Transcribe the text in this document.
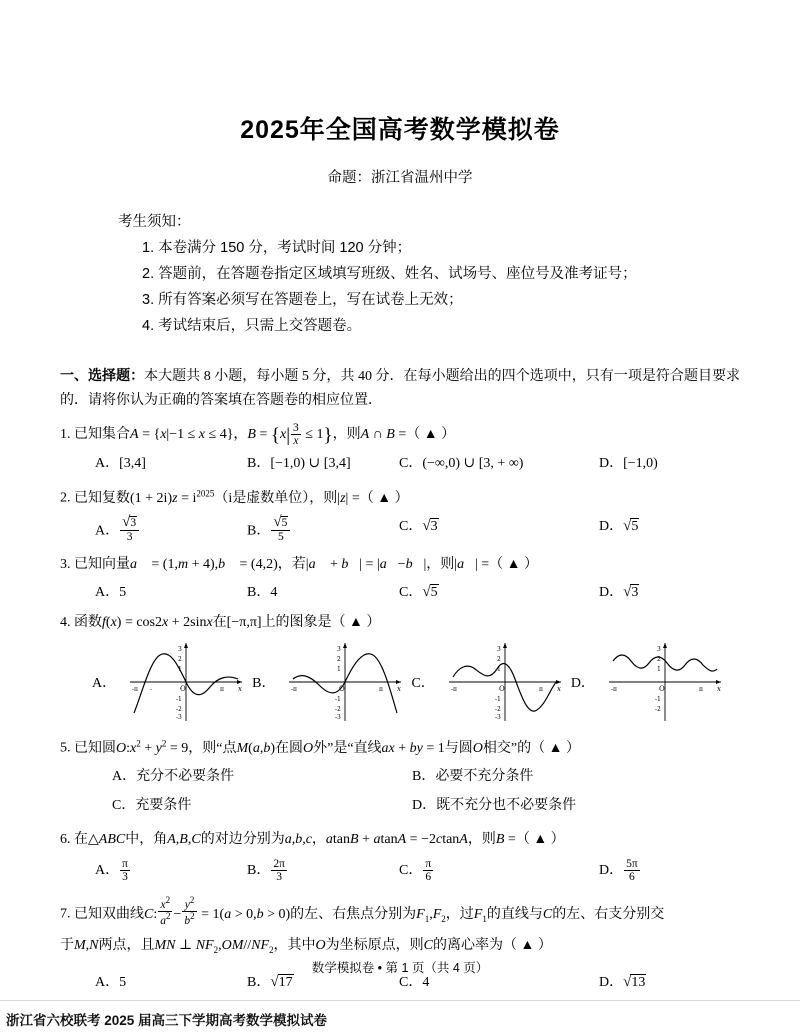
2025年全国高考数学模拟卷
命题：浙江省温州中学
考生须知：
1. 本卷满分 150 分，考试时间 120 分钟；
2. 答题前，在答题卷指定区域填写班级、姓名、试场号、座位号及准考证号；
3. 所有答案必须写在答题卷上，写在试卷上无效；
4. 考试结束后，只需上交答题卷。
一、选择题：本大题共 8 小题，每小题 5 分，共 40 分．在每小题给出的四个选项中，只有一项是符合题目要求的．请将你认为正确的答案填在答题卷的相应位置．
1. 已知集合A = {x|−1 ≤ x ≤ 4}，$B = \{x| \frac{3}{x} \le 1\}$，则A ∩ B =（ ▲ ）
A．[3,4]	B．[−1,0) ∪ [3,4]	C．(−∞,0) ∪ [3, + ∞)	D．[−1,0)
2. 已知复数$(1 + 2i)z = i^{2025}(i$是虚数单位），则|z| =（ ▲ ）
A． $\frac{√3}{3}$	B． $\frac{√5}{5}$	C．√3	D．√5
3. 已知向量a⃗ = (1,m + 4),b⃗ = (4,2)，若|a⃗ + b⃗| = |a⃗−b⃗|，则|a⃗| =（ ▲ ）
A．5	B．4	C．√5	D．√3
4. 函数f(x) = cos2x + 2sinx在[−π,π]上的图象是（ ▲ ）
A．	O	x
3
2
1
-1
-2
-3
-π -	π B．	O	x
3
2
1
-1
-2
-3
-π	π C．	O	x
3
2
1
-1
-2
-3
-π	π D．	O	x
3
2
1
-1
-2
-π	π
5. 已知圆$O:x^2 + y^2 = 9$，则“点M(a,b)在圆O外”是“直线ax + by = 1与圆O相交”的（ ▲ ）
A．充分不必要条件	B．必要不充分条件
C．充要条件	D．既不充分也不必要条件
6. 在△ABC中，角A,B,C的对边分别为a,b,c，atanB + atanA = −2ctanA，则B =（ ▲ ）
A． $\frac{\pi}{3}$	B． $\frac{2\pi}{3}$	C． $\frac{\pi}{6}$	D． $\frac{5\pi}{6}$
7. 已知双曲线C: $\frac{x^2}{a^2} - \frac{y^2}{b^2} = 1(a > 0,b > 0)$的左、右焦点分别为$F_1,F_2$，过$F_1$的直线与C的左、右支分别交
于M,N两点，且MN ⊥ $NF_2,OM//NF_2$，其中O为坐标原点，则C的离心率为（ ▲ ）
A．5	B．√17	C．4	D．√13
数学模拟卷 • 第 1 页（共 4 页）
浙江省六校联考 2025 届高三下学期高考数学模拟试卷
